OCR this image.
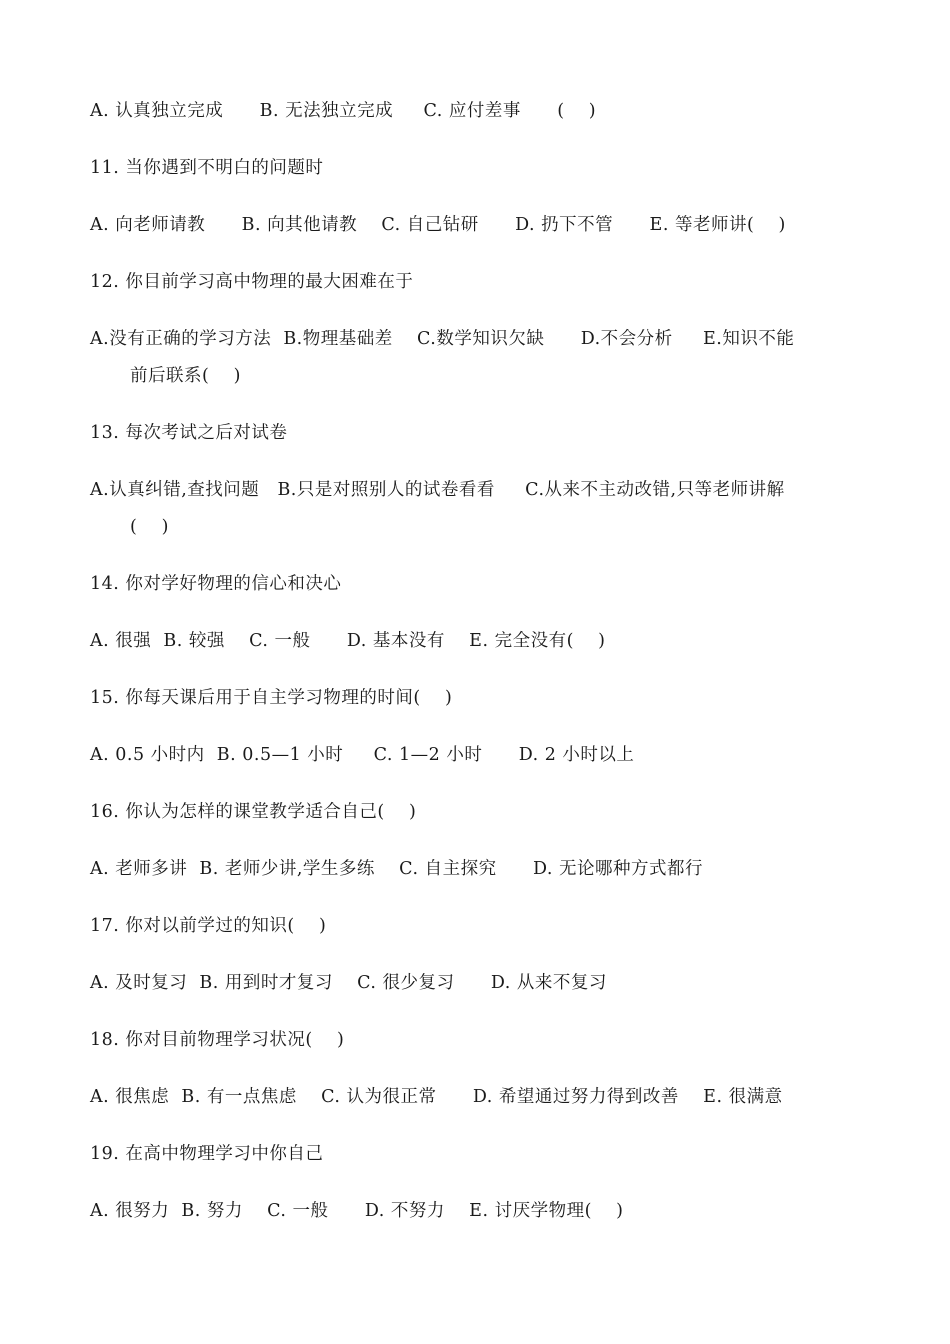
A. 认真独立完成      B. 无法独立完成     C. 应付差事      (    )
11. 当你遇到不明白的问题时
A. 向老师请教      B. 向其他请教    C. 自己钻研      D. 扔下不管      E. 等老师讲(    )
12. 你目前学习高中物理的最大困难在于
A.没有正确的学习方法  B.物理基础差    C.数学知识欠缺      D.不会分析     E.知识不能
前后联系(    )
13. 每次考试之后对试卷
A.认真纠错,查找问题   B.只是对照别人的试卷看看     C.从来不主动改错,只等老师讲解
(    )
14. 你对学好物理的信心和决心
A. 很强  B. 较强    C. 一般      D. 基本没有    E. 完全没有(    )
15. 你每天课后用于自主学习物理的时间(    )
A. 0.5 小时内  B. 0.5—1 小时     C. 1—2 小时      D. 2 小时以上
16. 你认为怎样的课堂教学适合自己(    )
A. 老师多讲  B. 老师少讲,学生多练    C. 自主探究      D. 无论哪种方式都行
17. 你对以前学过的知识(    )
A. 及时复习  B. 用到时才复习    C. 很少复习      D. 从来不复习
18. 你对目前物理学习状况(    )
A. 很焦虑  B. 有一点焦虑    C. 认为很正常      D. 希望通过努力得到改善    E. 很满意
19. 在高中物理学习中你自己
A. 很努力  B. 努力    C. 一般      D. 不努力    E. 讨厌学物理(    )
